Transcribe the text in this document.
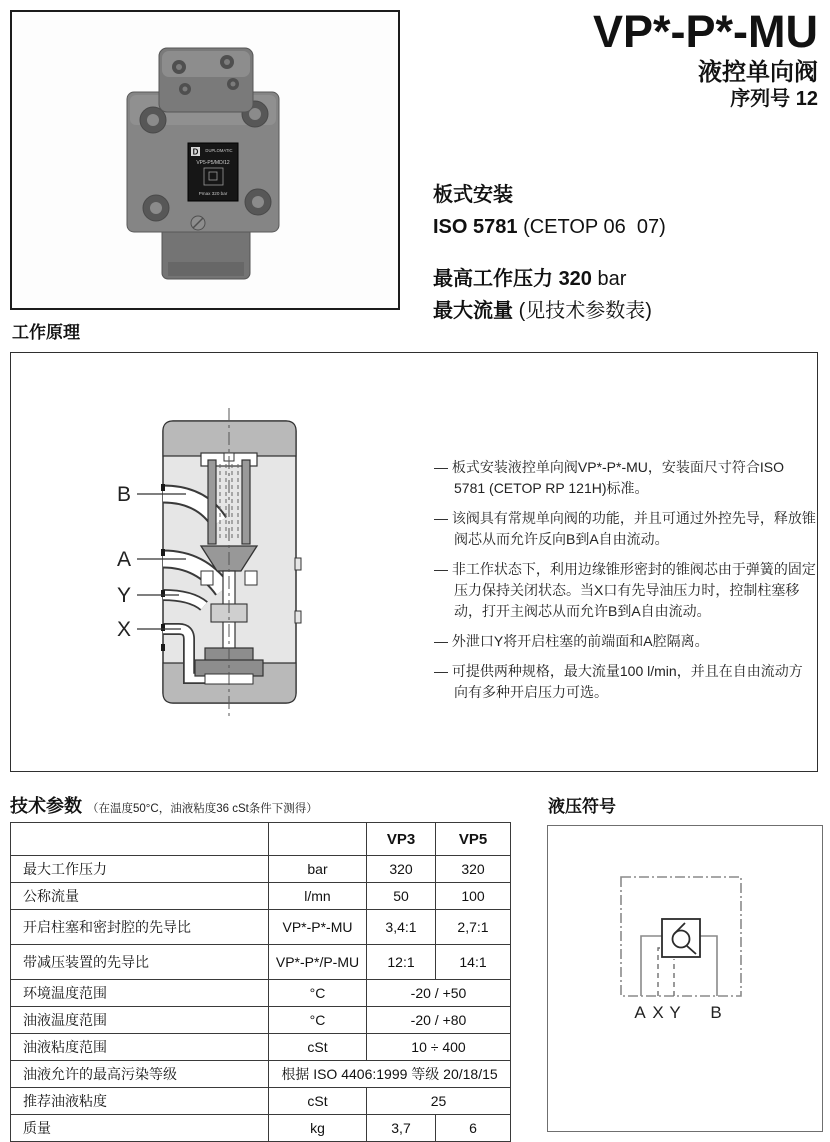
D DUPLOMATIC
VP5-P5/MD/12
Pmax 320 bar
VP*-P*-MU
液控单向阀
序列号 12
板式安装
ISO 5781 (CETOP 06  07)
最高工作压力 320 bar
最大流量 (见技术参数表)
工作原理
B
A
Y
X
— 板式安装液控单向阀VP*-P*-MU，安装面尺寸符合ISO 5781 (CETOP RP 121H)标准。
— 该阀具有常规单向阀的功能，并且可通过外控先导，释放锥阀芯从而允许反向B到A自由流动。
— 非工作状态下，利用边缘锥形密封的锥阀芯由于弹簧的固定压力保持关闭状态。当X口有先导油压力时，控制柱塞移动，打开主阀芯从而允许B到A自由流动。
— 外泄口Y将开启柱塞的前端面和A腔隔离。
— 可提供两种规格，最大流量100 l/min，并且在自由流动方向有多种开启压力可选。
技术参数 （在温度50°C，油液粘度36 cSt条件下测得）
		VP3	VP5
最大工作压力	bar	320	320
公称流量	l/mn	50	100
开启柱塞和密封腔的先导比	VP*-P*-MU	3,4:1	2,7:1
带减压装置的先导比	VP*-P*/P-MU	12:1	14:1
环境温度范围	°C	-20 / +50	
油液温度范围	°C	-20 / +80	
油液粘度范围	cSt	10 ÷ 400	
油液允许的最高污染等级	根据 ISO 4406:1999 等级 20/18/15		
推荐油液粘度	cSt	25	
质量	kg	3,7	6
液压符号
A X Y B
